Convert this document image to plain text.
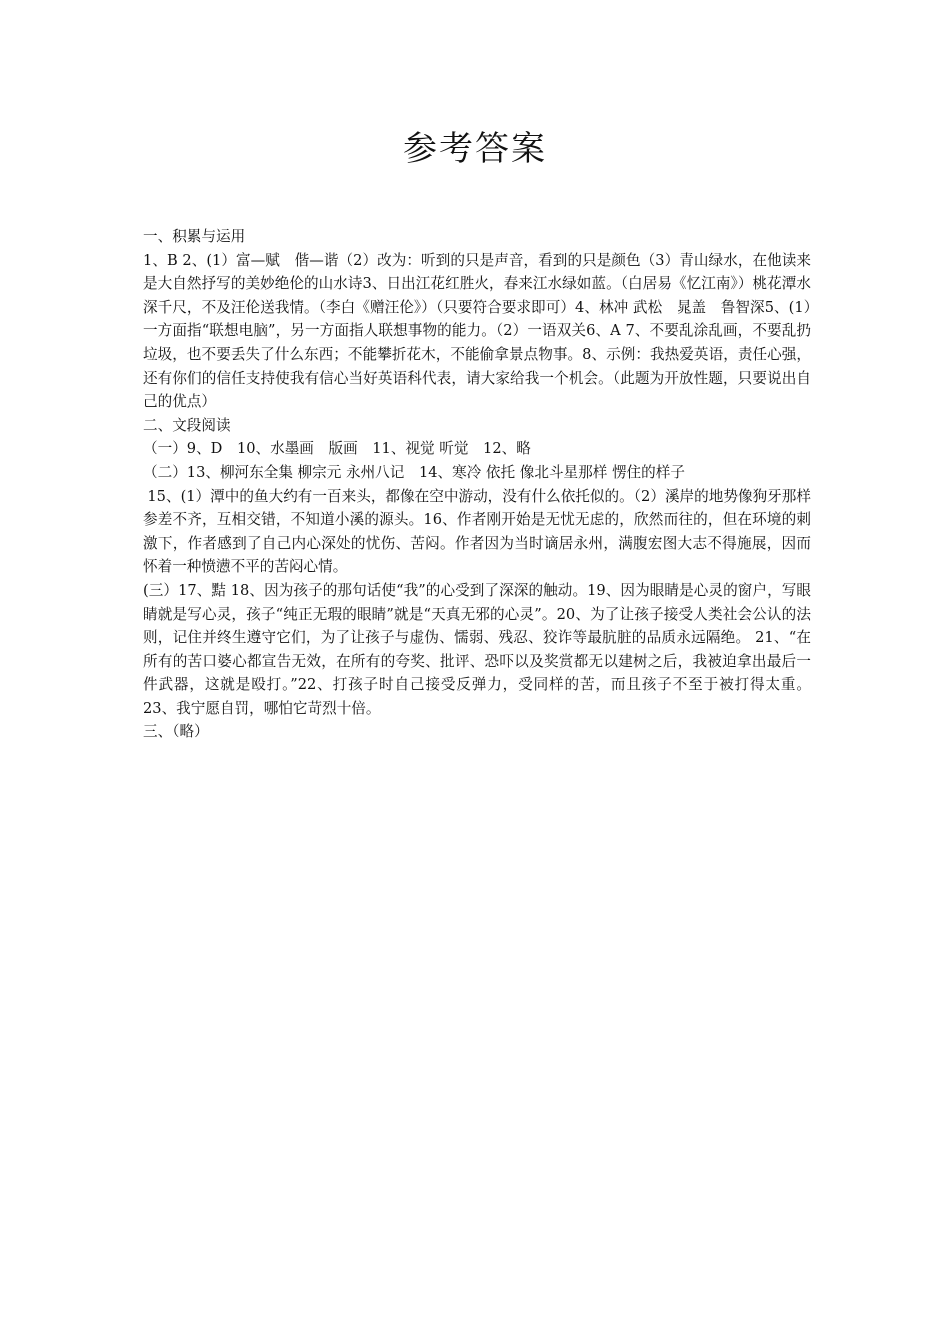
参考答案

一、积累与运用

1、B 2、(1）富—赋　偕—谐（2）改为：听到的只是声音，看到的只是颜色（3）青山绿水，在他读来是大自然抒写的美妙绝伦的山水诗3、日出江花红胜火，春来江水绿如蓝。（白居易《忆江南》）桃花潭水深千尺，不及汪伦送我情。（李白《赠汪伦》）（只要符合要求即可）4、林冲 武松　晁盖　鲁智深5、(1）一方面指“联想电脑”，另一方面指人联想事物的能力。（2）一语双关6、A 7、不要乱涂乱画，不要乱扔垃圾，也不要丢失了什么东西；不能攀折花木，不能偷拿景点物事。8、示例：我热爱英语，责任心强，还有你们的信任支持使我有信心当好英语科代表，请大家给我一个机会。（此题为开放性题，只要说出自己的优点）

二、文段阅读

（一）9、D　10、水墨画　版画　11、视觉 听觉　12、略

（二）13、柳河东全集 柳宗元 永州八记　14、寒冷 依托 像北斗星那样 愣住的样子

15、(1）潭中的鱼大约有一百来头，都像在空中游动，没有什么依托似的。（2）溪岸的地势像狗牙那样参差不齐，互相交错，不知道小溪的源头。16、作者刚开始是无忧无虑的，欣然而往的，但在环境的刺激下，作者感到了自己内心深处的忧伤、苦闷。作者因为当时谪居永州，满腹宏图大志不得施展，因而怀着一种愤懑不平的苦闷心情。

(三）17、黠 18、因为孩子的那句话使“我”的心受到了深深的触动。19、因为眼睛是心灵的窗户，写眼睛就是写心灵，孩子“纯正无瑕的眼睛”就是“天真无邪的心灵”。20、为了让孩子接受人类社会公认的法则，记住并终生遵守它们，为了让孩子与虚伪、懦弱、残忍、狡诈等最肮脏的品质永远隔绝。 21、“在所有的苦口婆心都宣告无效，在所有的夸奖、批评、恐吓以及奖赏都无以建树之后，我被迫拿出最后一件武器，这就是殴打。”22、打孩子时自己接受反弹力，受同样的苦，而且孩子不至于被打得太重。 23、我宁愿自罚，哪怕它苛烈十倍。

三、（略）
